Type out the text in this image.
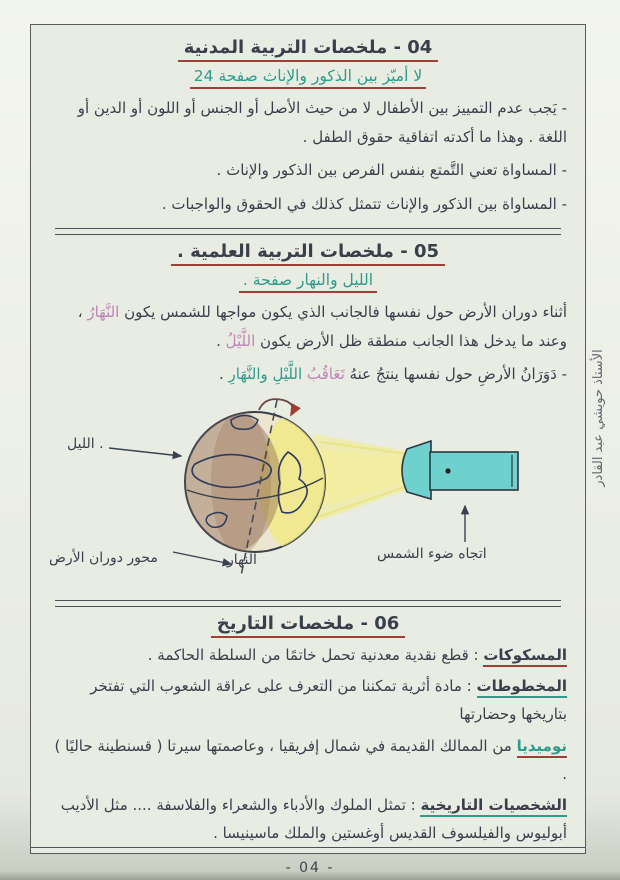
04 - ملخصات التربية المدنية
لا أميّز بين الذكور والإناث صفحة 24

- يَجب عدم التمييز بين الأطفال لا من حيث الأصل أو الجنس أو اللون أو الدين أو اللغة . وهذا ما أكدته اتفاقية حقوق الطفل .

- المساواة تعني التَّمتع بنفس الفرص بين الذكور والإناث .

- المساواة بين الذكور والإناث تتمثل كذلك في الحقوق والواجبات .

05 - ملخصات التربية العلمية .
الليل والنهار صفحة .

أثناء دوران الأرض حول نفسها فالجانب الذي يكون مواجها للشمس يكون النَّهَارُ ، وعند ما يدخل هذا الجانب منطقة ظل الأرض يكون اللَّيْلُ .

- دَوَرَانُ الأرضِ حول نفسها ينتجُ عنهُ تَعَاقُبُ اللَّيْلِ والنَّهَارِ .

الليل .
النهار
محور دوران الأرض	اتجاه ضوء الشمس
06 - ملخصات التاريخ

المسكوكات : قطع نقدية معدنية تحمل خاتمًا من السلطة الحاكمة .

المخطوطات : مادة أثرية تمكننا من التعرف على عراقة الشعوب التي تفتخر بتاريخها وحضارتها

نوميديا من الممالك القديمة في شمال إفريقيا ، وعاصمتها سيرتا ( قسنطينة حاليًا ) .

الشخصيات التاريخية : تمثل الملوك والأدباء والشعراء والفلاسفة .... مثل الأديب أبوليوس والفيلسوف القديس أوغستين والملك ماسينيسا .

الأستاذ حويشي عبد القادر
- 04 -
